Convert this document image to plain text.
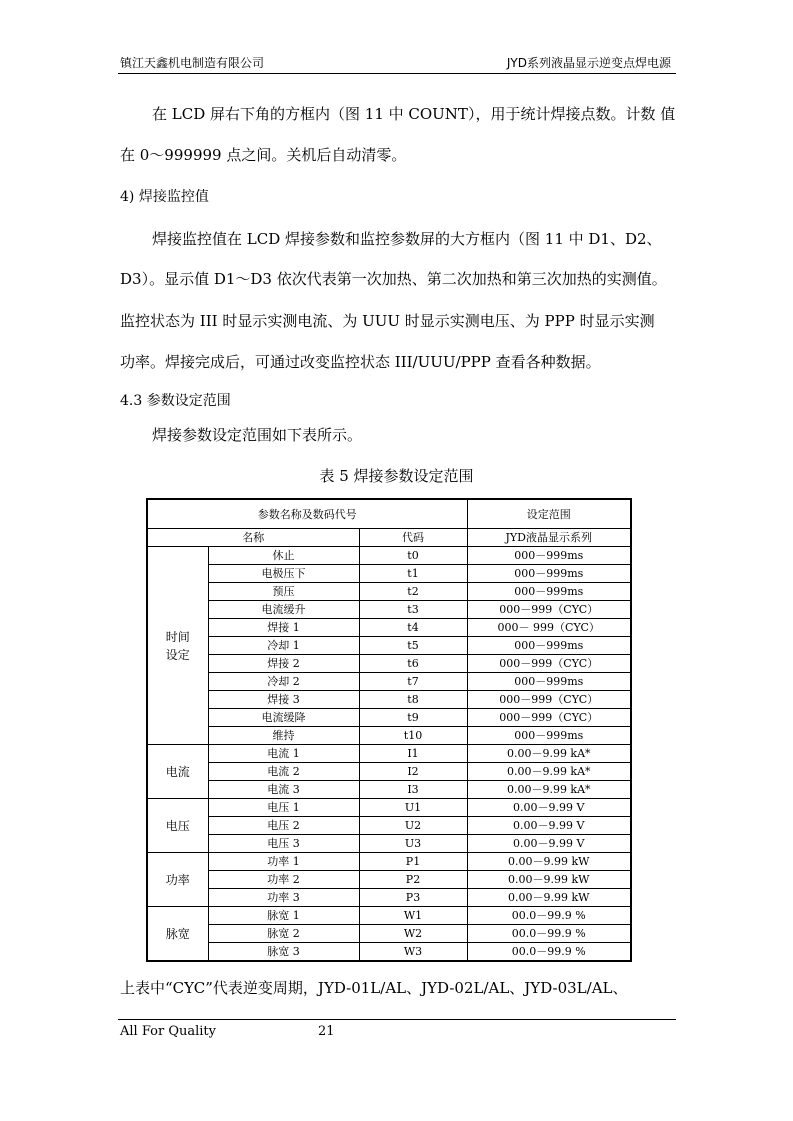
镇江天鑫机电制造有限公司	JYD系列液晶显示逆变点焊电源
在 LCD 屏右下角的方框内（图 11 中 COUNT），用于统计焊接点数。计数 值
在 0～999999 点之间。关机后自动清零。
4) 焊接监控值
焊接监控值在 LCD 焊接参数和监控参数屏的大方框内（图 11 中 D1、D2、
D3）。显示值 D1～D3 依次代表第一次加热、第二次加热和第三次加热的实测值。
监控状态为 III 时显示实测电流、为 UUU 时显示实测电压、为 PPP 时显示实测
功率。焊接完成后，可通过改变监控状态 III/UUU/PPP 查看各种数据。
4.3 参数设定范围
焊接参数设定范围如下表所示。
表 5 焊接参数设定范围
参数名称及数码代号			设定范围
名称		代码	JYD液晶显示系列
时间设定	休止	t0	000－999ms
	电极压下	t1	000－999ms
	预压	t2	000－999ms
	电流缓升	t3	000－999（CYC）
	焊接 1	t4	000－ 999（CYC）
	冷却 1	t5	000－999ms
	焊接 2	t6	000－999（CYC）
	冷却 2	t7	000－999ms
	焊接 3	t8	000－999（CYC）
	电流缓降	t9	000－999（CYC）
	维持	t10	000－999ms
电流	电流 1	I1	0.00－9.99 kA*
	电流 2	I2	0.00－9.99 kA*
	电流 3	I3	0.00－9.99 kA*
电压	电压 1	U1	0.00－9.99 V
	电压 2	U2	0.00－9.99 V
	电压 3	U3	0.00－9.99 V
功率	功率 1	P1	0.00－9.99 kW
	功率 2	P2	0.00－9.99 kW
	功率 3	P3	0.00－9.99 kW
脉宽	脉宽 1	W1	00.0－99.9 %
	脉宽 2	W2	00.0－99.9 %
	脉宽 3	W3	00.0－99.9 %
上表中“CYC”代表逆变周期，JYD-01L/AL、JYD-02L/AL、JYD-03L/AL、
All For Quality	21
